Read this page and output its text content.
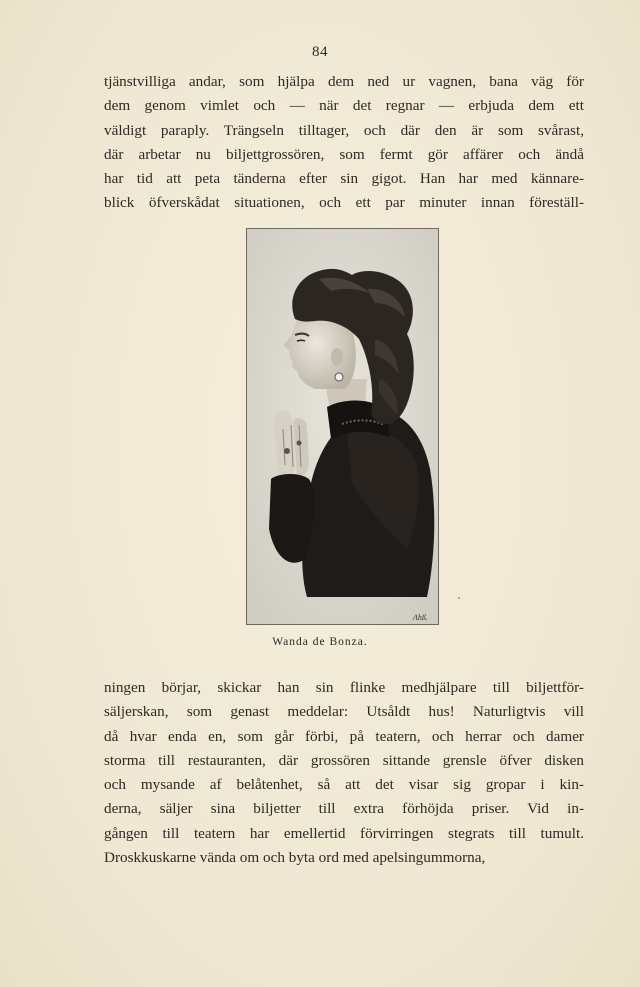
84

tjänstvilliga andar, som hjälpa dem ned ur vagnen, bana väg för
dem genom vimlet och — när det regnar — erbjuda dem ett
väldigt paraply. Trängseln tilltager, och där den är som svårast,
där arbetar nu biljettgrossören, som fermt gör affärer och ändå
har tid att peta tänderna efter sin gigot. Han har med kännare-
blick öfverskådat situationen, och ett par minuter innan föreställ-

Ahß.
Wanda de Bonza.

ningen börjar, skickar han sin flinke medhjälpare till biljettför-
säljerskan, som genast meddelar: Utsåldt hus! Naturligtvis vill
då hvar enda en, som går förbi, på teatern, och herrar och damer
storma till restauranten, där grossören sittande grensle öfver disken
och mysande af belåtenhet, så att det visar sig gropar i kin-
derna, säljer sina biljetter till extra förhöjda priser. Vid in-
gången till teatern har emellertid förvirringen stegrats till tumult.
Droskkuskarne vända om och byta ord med apelsingummorna,
